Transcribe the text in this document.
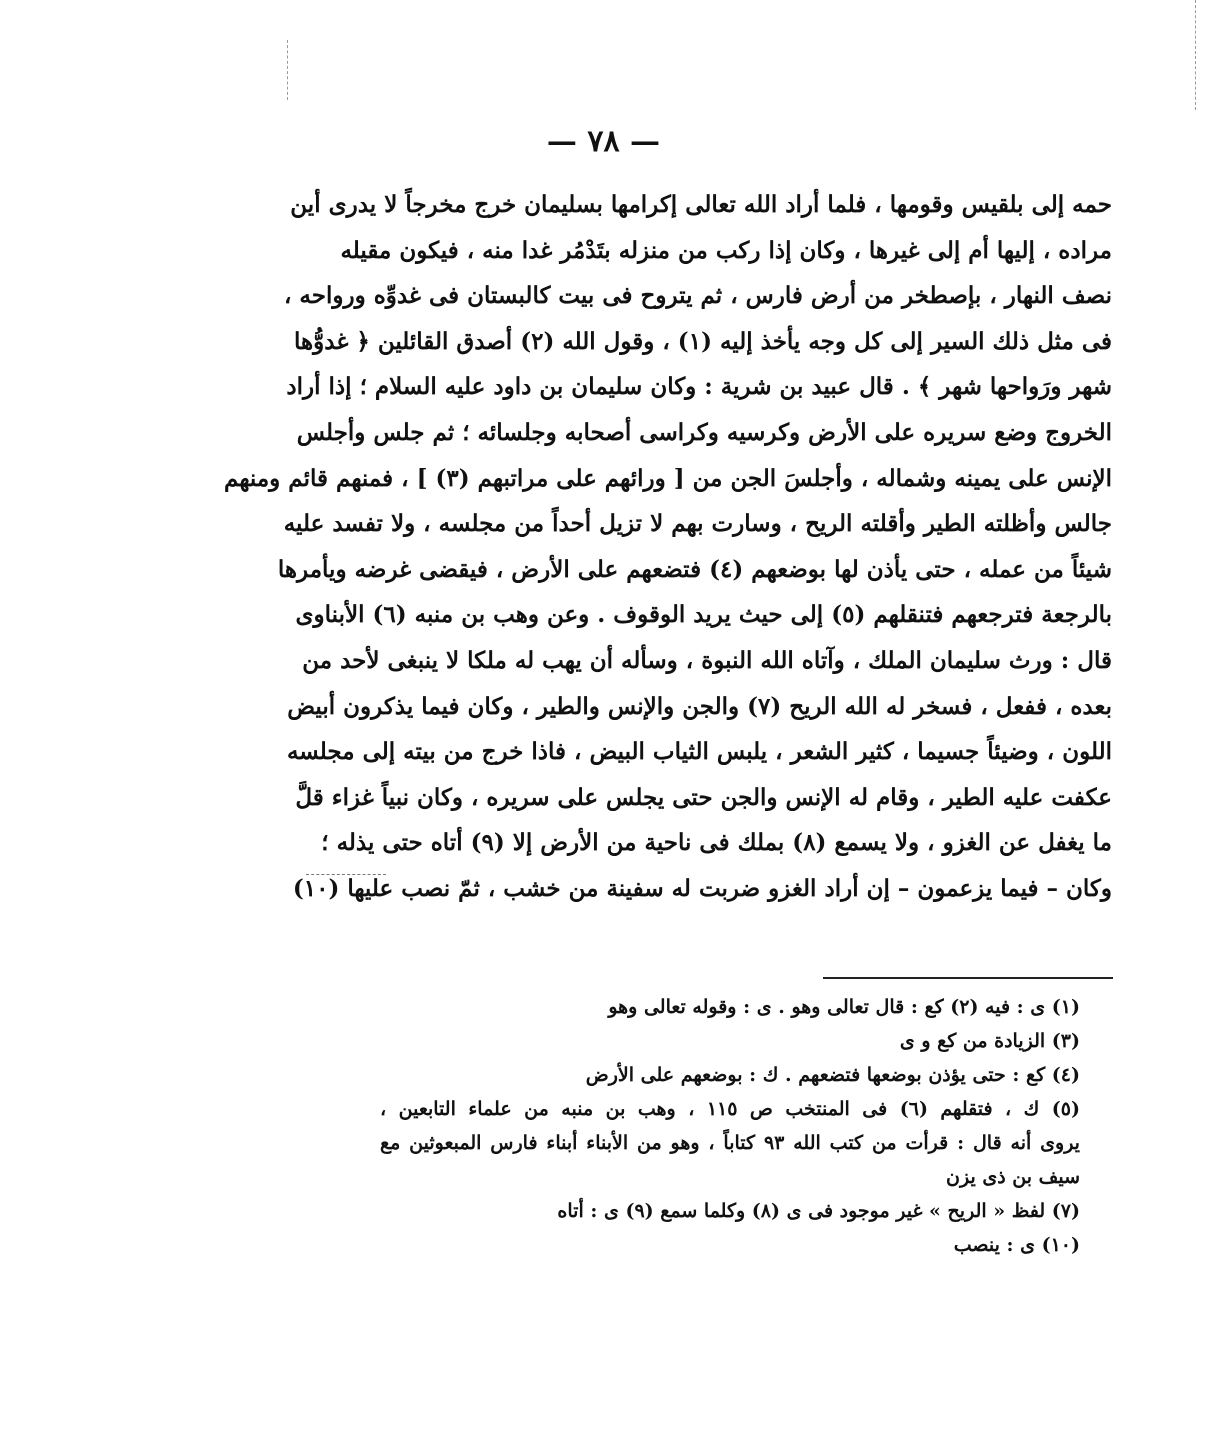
— ٧٨ —
حمه إلى بلقيس وقومها ، فلما أراد الله تعالى إكرامها بسليمان خرج مخرجاً لا يدرى أين
مراده ، إليها أم إلى غيرها ، وكان إذا ركب من منزله بتَدْمُر غدا منه ، فيكون مقيله
نصف النهار ، بإصطخر من أرض فارس ، ثم يتروح فى بيت كالبستان فى غدوِّه ورواحه ،
فى مثل ذلك السير إلى كل وجه يأخذ إليه (١) ، وقول الله (٢) أصدق القائلين ﴿ غدوُّها
شهر ورَواحها شهر ﴾ . قال عبيد بن شرية : وكان سليمان بن داود عليه السلام ؛ إذا أراد
الخروج وضع سريره على الأرض وكرسيه وكراسى أصحابه وجلسائه ؛ ثم جلس وأجلس
الإنس على يمينه وشماله ، وأجلسَ الجن من [ ورائهم على مراتبهم (٣) ] ، فمنهم قائم ومنهم
جالس وأظلته الطير وأقلته الريح ، وسارت بهم لا تزيل أحداً من مجلسه ، ولا تفسد عليه
شيئاً من عمله ، حتى يأذن لها بوضعهم (٤) فتضعهم على الأرض ، فيقضى غرضه ويأمرها
بالرجعة فترجعهم فتنقلهم (٥) إلى حيث يريد الوقوف . وعن وهب بن منبه (٦) الأبناوى
قال : ورث سليمان الملك ، وآتاه الله النبوة ، وسأله أن يهب له ملكا لا ينبغى لأحد من
بعده ، ففعل ، فسخر له الله الريح (٧) والجن والإنس والطير ، وكان فيما يذكرون أبيض
اللون ، وضيئاً جسيما ، كثير الشعر ، يلبس الثياب البيض ، فاذا خرج من بيته إلى مجلسه
عكفت عليه الطير ، وقام له الإنس والجن حتى يجلس على سريره ، وكان نبياً غزاء قلَّ
ما يغفل عن الغزو ، ولا يسمع (٨) بملك فى ناحية من الأرض إلا (٩) أتاه حتى يذله ؛
وكان – فيما يزعمون – إن أراد الغزو ضربت له سفينة من خشب ، ثمّ نصب عليها (١٠)
(١) ى : فيه (٢) كع : قال تعالى وهو . ى : وقوله تعالى وهو
(٣) الزيادة من كع و ى
(٤) كع : حتى يؤذن بوضعها فتضعهم . ك : بوضعهم على الأرض
(٥) ك ، فتقلهم (٦) فى المنتخب ص ١١٥ ، وهب بن منبه من علماء التابعين ،
يروى أنه قال : قرأت من كتب الله ٩٣ كتاباً ، وهو من الأبناء أبناء فارس المبعوثين مع
سيف بن ذى يزن
(٧) لفظ « الريح » غير موجود فى ى (٨) وكلما سمع (٩) ى : أتاه
(١٠) ى : ينصب
